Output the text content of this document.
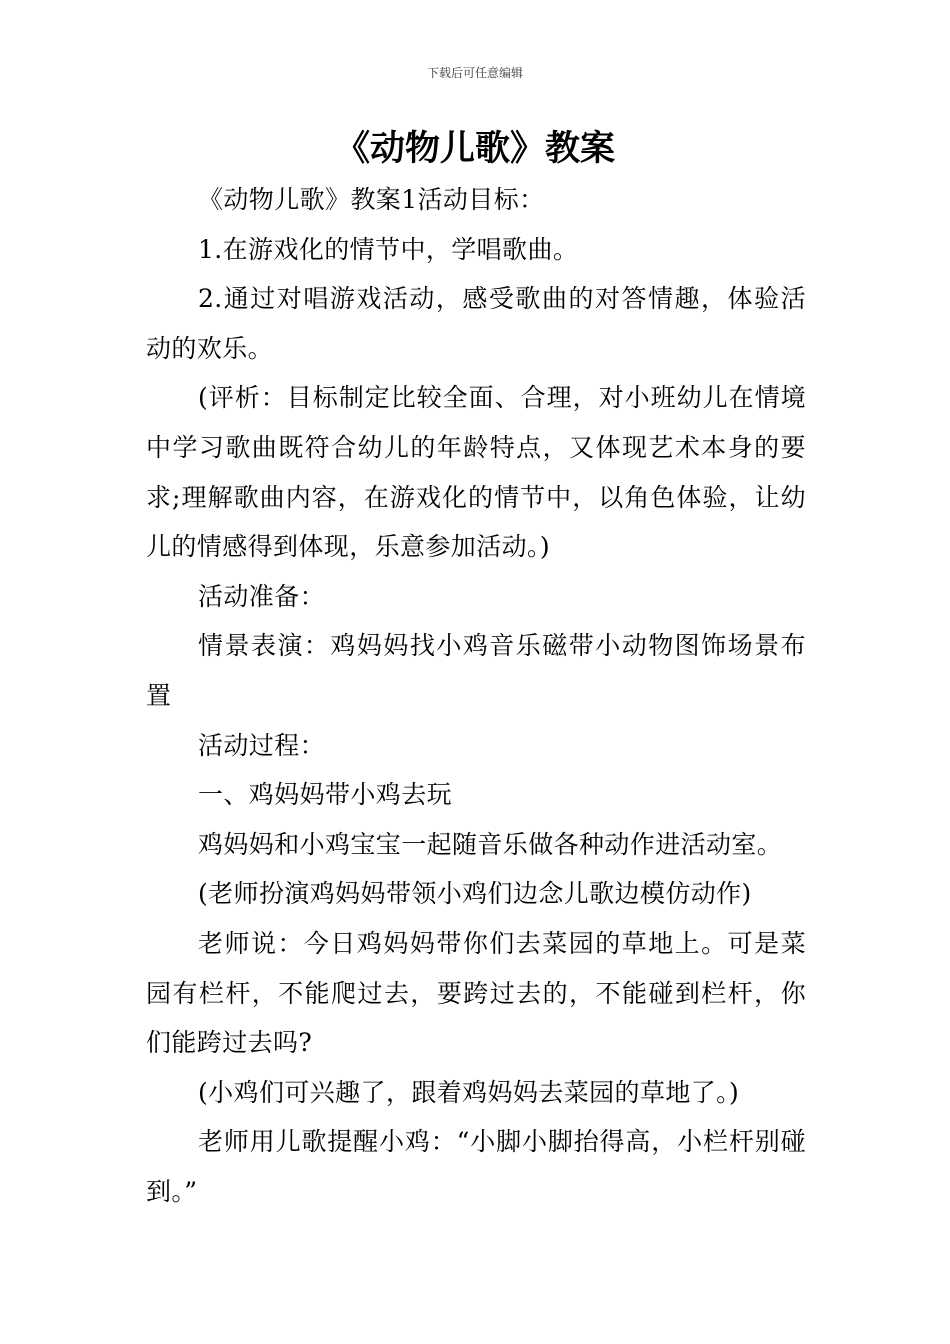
下载后可任意编辑
《动物儿歌》教案

《动物儿歌》教案1活动目标：

1.在游戏化的情节中，学唱歌曲。

2.通过对唱游戏活动，感受歌曲的对答情趣，体验活动的欢乐。

(评析：目标制定比较全面、合理，对小班幼儿在情境中学习歌曲既符合幼儿的年龄特点，又体现艺术本身的要求;理解歌曲内容，在游戏化的情节中，以角色体验，让幼儿的情感得到体现，乐意参加活动。)

活动准备：

情景表演：鸡妈妈找小鸡音乐磁带小动物图饰场景布置

活动过程：

一、鸡妈妈带小鸡去玩

鸡妈妈和小鸡宝宝一起随音乐做各种动作进活动室。

(老师扮演鸡妈妈带领小鸡们边念儿歌边模仿动作)

老师说：今日鸡妈妈带你们去菜园的草地上。可是菜园有栏杆，不能爬过去，要跨过去的，不能碰到栏杆，你们能跨过去吗?

(小鸡们可兴趣了，跟着鸡妈妈去菜园的草地了。)

老师用儿歌提醒小鸡：“小脚小脚抬得高，小栏杆别碰到。”
